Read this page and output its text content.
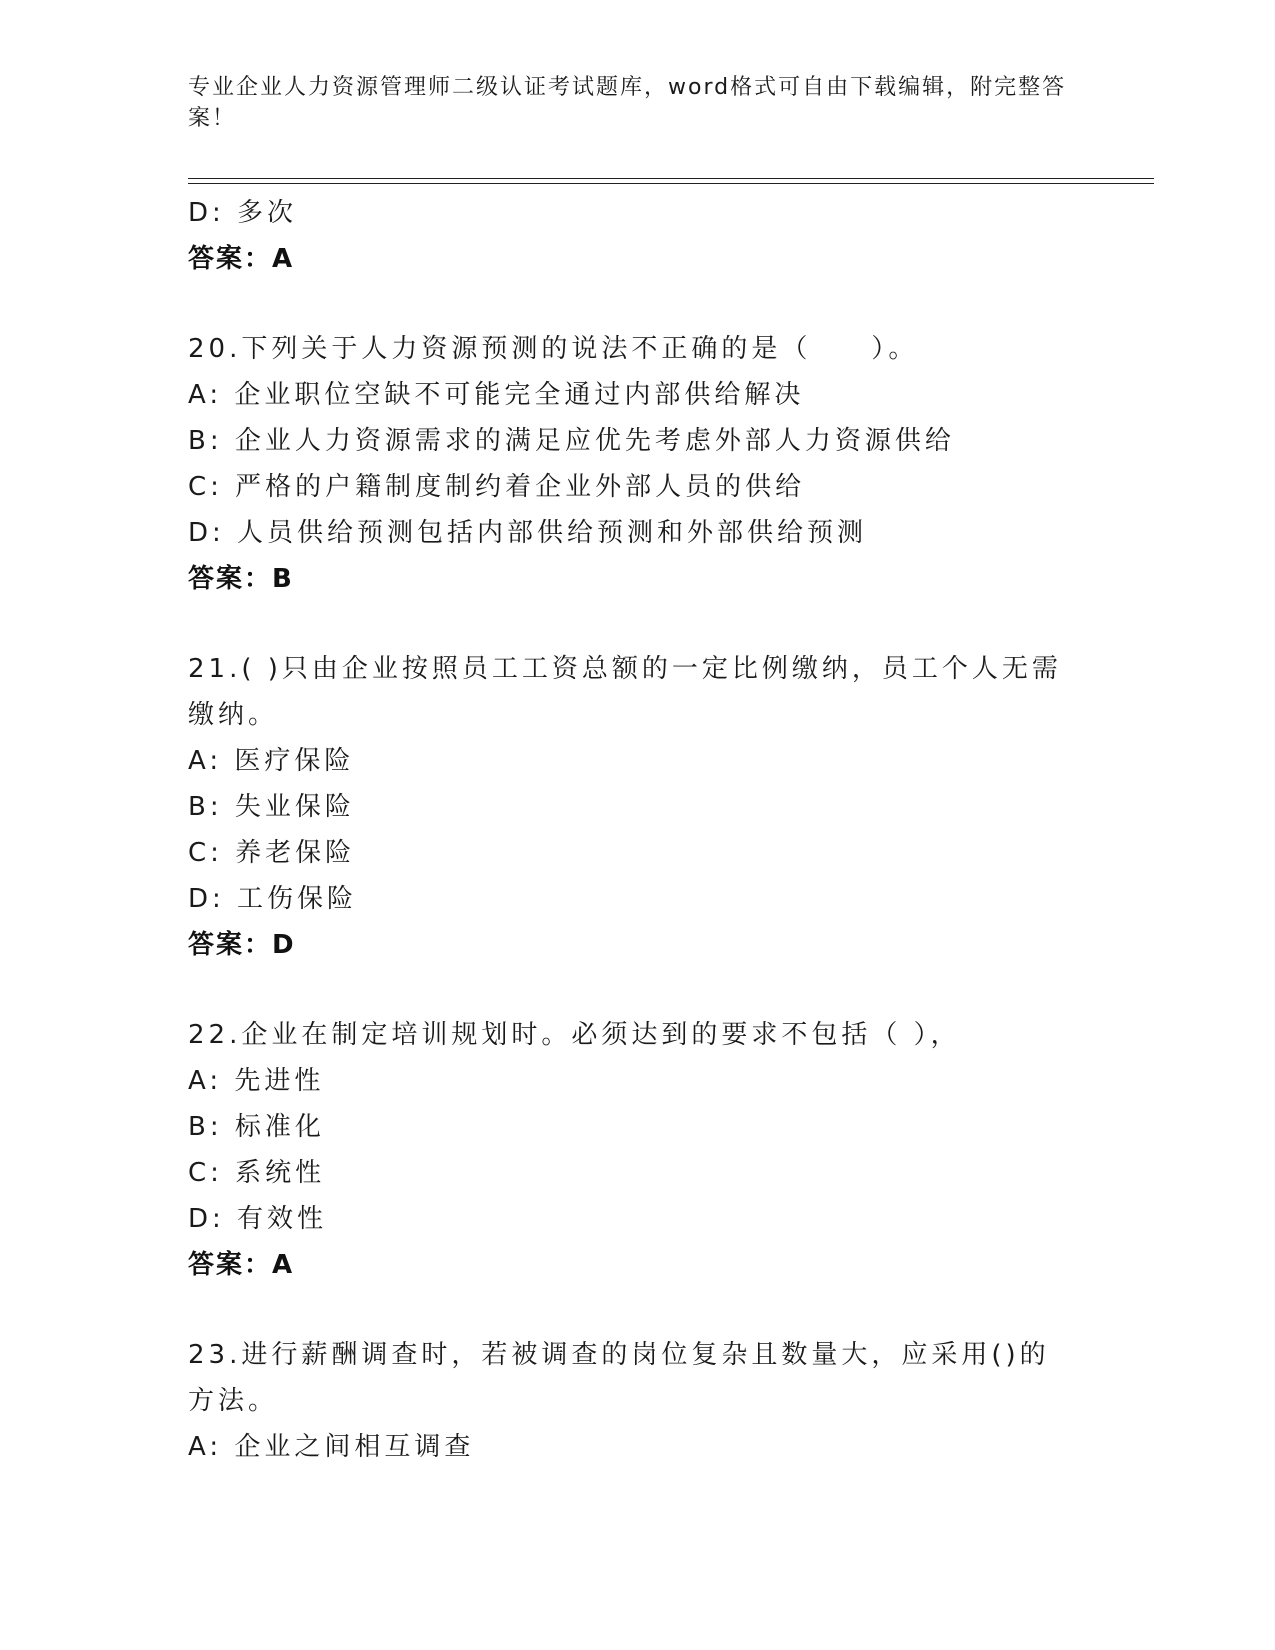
专业企业人力资源管理师二级认证考试题库，word格式可自由下载编辑，附完整答案！
D: 多次
答案：A
20.下列关于人力资源预测的说法不正确的是（　　）。
A: 企业职位空缺不可能完全通过内部供给解决
B: 企业人力资源需求的满足应优先考虑外部人力资源供给
C: 严格的户籍制度制约着企业外部人员的供给
D: 人员供给预测包括内部供给预测和外部供给预测
答案：B
21.( )只由企业按照员工工资总额的一定比例缴纳，员工个人无需缴纳。
A: 医疗保险
B: 失业保险
C: 养老保险
D: 工伤保险
答案：D
22.企业在制定培训规划时。必须达到的要求不包括（ ），
A: 先进性
B: 标准化
C: 系统性
D: 有效性
答案：A
23.进行薪酬调查时，若被调查的岗位复杂且数量大，应采用()的方法。
A: 企业之间相互调查
